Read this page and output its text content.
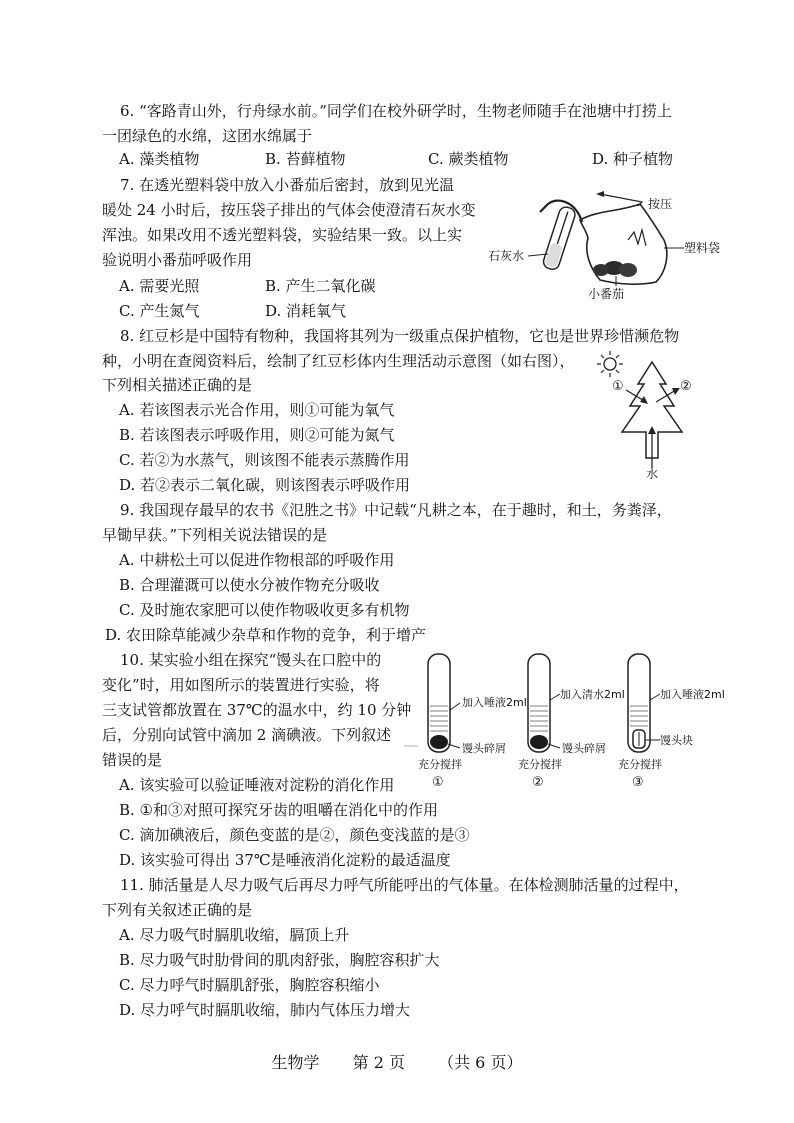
6. “客路青山外，行舟绿水前。”同学们在校外研学时，生物老师随手在池塘中打捞上
一团绿色的水绵，这团水绵属于
A. 藻类植物	B. 苔藓植物	C. 蕨类植物	D. 种子植物
7. 在透光塑料袋中放入小番茄后密封，放到见光温
暖处 24 小时后，按压袋子排出的气体会使澄清石灰水变
浑浊。如果改用不透光塑料袋，实验结果一致。以上实
验说明小番茄呼吸作用
A. 需要光照	B. 产生二氧化碳
C. 产生氮气	D. 消耗氧气
按压
石灰水
塑料袋
小番茄
8. 红豆杉是中国特有物种，我国将其列为一级重点保护植物，它也是世界珍惜濒危物
种，小明在查阅资料后，绘制了红豆杉体内生理活动示意图（如右图），
下列相关描述正确的是
A. 若该图表示光合作用，则①可能为氧气
B. 若该图表示呼吸作用，则②可能为氮气
C. 若②为水蒸气，则该图不能表示蒸腾作用
D. 若②表示二氧化碳，则该图表示呼吸作用
①	②
水
9. 我国现存最早的农书《氾胜之书》中记载“凡耕之本，在于趣时，和土，务粪泽，
早锄早获。”下列相关说法错误的是
A. 中耕松土可以促进作物根部的呼吸作用
B. 合理灌溉可以使水分被作物充分吸收
C. 及时施农家肥可以使作物吸收更多有机物
D. 农田除草能减少杂草和作物的竞争，利于增产
10. 某实验小组在探究“馒头在口腔中的
变化”时，用如图所示的装置进行实验，将
三支试管都放置在 37℃的温水中，约 10 分钟
后，分别向试管中滴加 2 滴碘液。下列叙述
错误的是
A. 该实验可以验证唾液对淀粉的消化作用
B. ①和③对照可探究牙齿的咀嚼在消化中的作用
C. 滴加碘液后，颜色变蓝的是②，颜色变浅蓝的是③
D. 该实验可得出 37℃是唾液消化淀粉的最适温度
加入唾液2ml
馒头碎屑
充分搅拌
①
加入清水2ml
馒头碎屑
充分搅拌
②
加入唾液2ml
馒头块
充分搅拌
③
11. 肺活量是人尽力吸气后再尽力呼气所能呼出的气体量。在体检测肺活量的过程中，
下列有关叙述正确的是
A. 尽力吸气时膈肌收缩，膈顶上升
B. 尽力吸气时肋骨间的肌肉舒张，胸腔容积扩大
C. 尽力呼气时膈肌舒张，胸腔容积缩小
D. 尽力呼气时膈肌收缩，肺内气体压力增大
生物学 第 2 页 （共 6 页）
